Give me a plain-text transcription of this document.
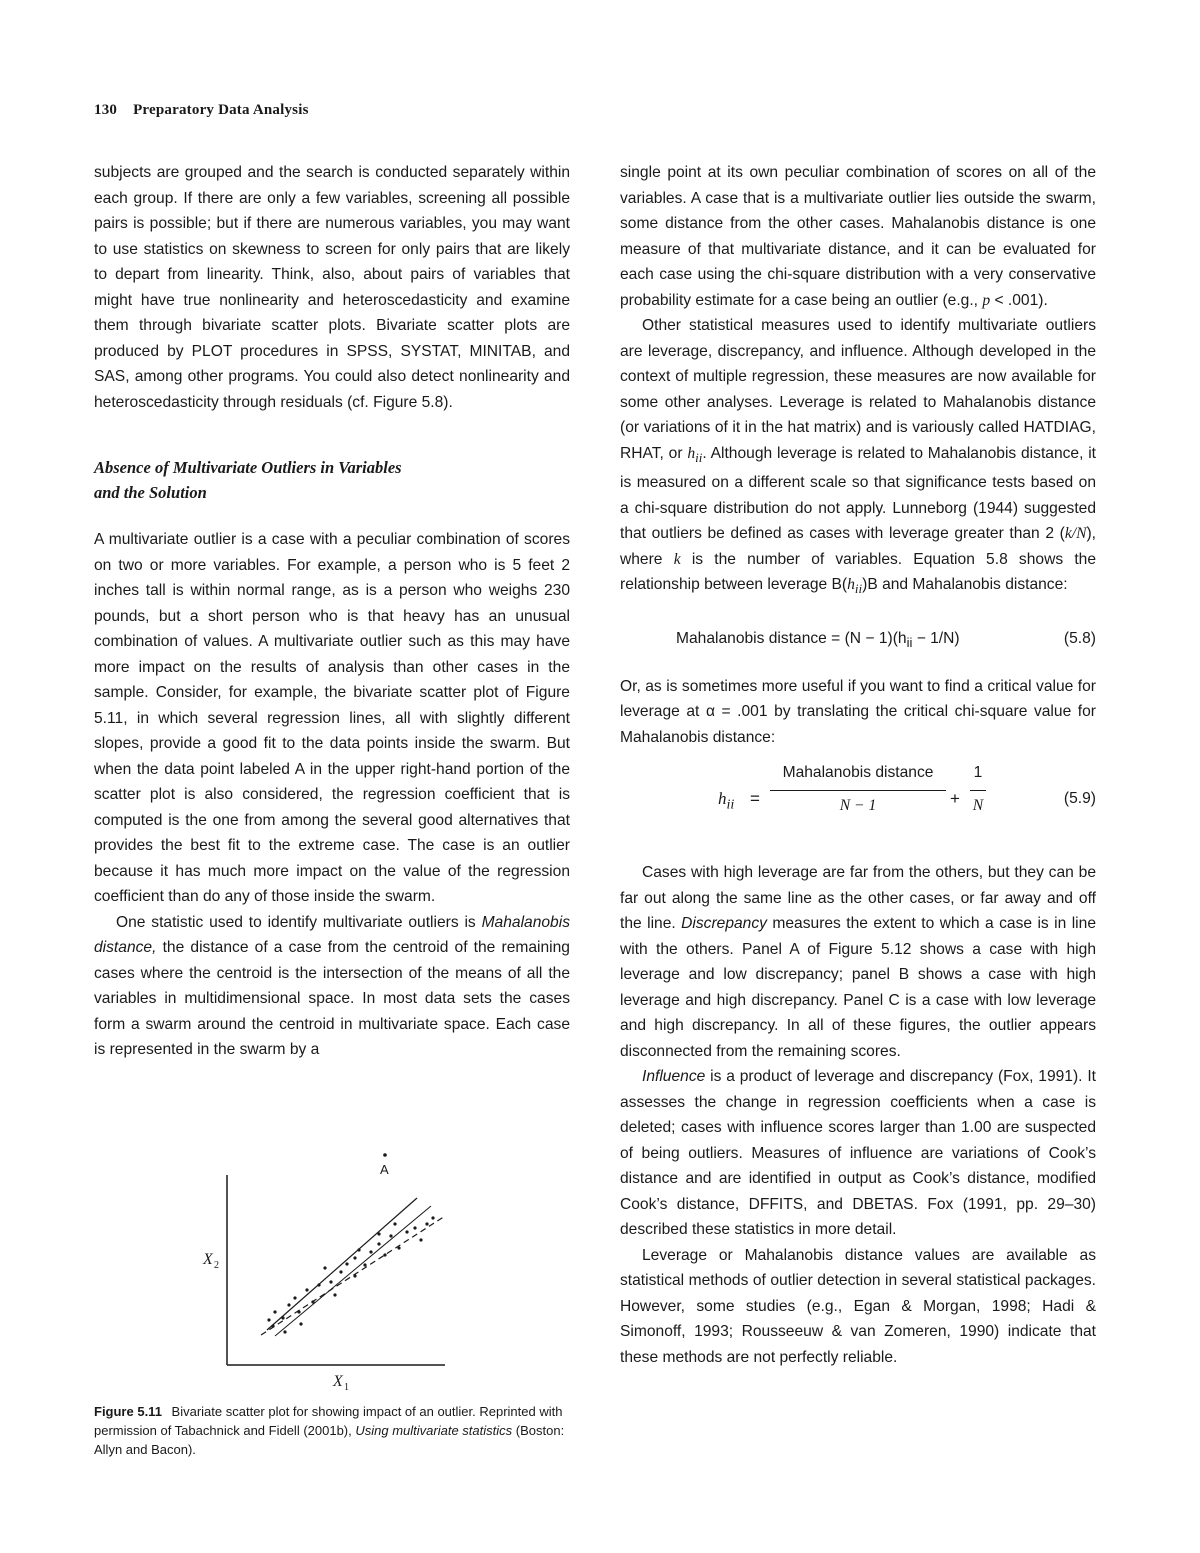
130 Preparatory Data Analysis

subjects are grouped and the search is conducted separately within each group. If there are only a few variables, screening all possible pairs is possible; but if there are numerous variables, you may want to use statistics on skewness to screen for only pairs that are likely to depart from linearity. Think, also, about pairs of variables that might have true nonlinearity and heteroscedasticity and examine them through bivariate scatter plots. Bivariate scatter plots are produced by PLOT procedures in SPSS, SYSTAT, MINITAB, and SAS, among other programs. You could also detect nonlinearity and heteroscedasticity through residuals (cf. Figure 5.8).

Absence of Multivariate Outliers in Variables
and the Solution

A multivariate outlier is a case with a peculiar combination of scores on two or more variables. For example, a person who is 5 feet 2 inches tall is within normal range, as is a person who weighs 230 pounds, but a short person who is that heavy has an unusual combination of values. A multivariate outlier such as this may have more impact on the results of analysis than other cases in the sample. Consider, for example, the bivariate scatter plot of Figure 5.11, in which several regression lines, all with slightly different slopes, provide a good fit to the data points inside the swarm. But when the data point labeled A in the upper right-hand portion of the scatter plot is also considered, the regression coefficient that is computed is the one from among the several good alternatives that provides the best fit to the extreme case. The case is an outlier because it has much more impact on the value of the regression coefficient than do any of those inside the swarm.

One statistic used to identify multivariate outliers is Mahalanobis distance, the distance of a case from the centroid of the remaining cases where the centroid is the intersection of the means of all the variables in multidimensional space. In most data sets the cases form a swarm around the centroid in multivariate space. Each case is represented in the swarm by a

single point at its own peculiar combination of scores on all of the variables. A case that is a multivariate outlier lies outside the swarm, some distance from the other cases. Mahalanobis distance is one measure of that multivariate distance, and it can be evaluated for each case using the chi-square distribution with a very conservative probability estimate for a case being an outlier (e.g., p < .001).

Other statistical measures used to identify multivariate outliers are leverage, discrepancy, and influence. Although developed in the context of multiple regression, these measures are now available for some other analyses. Leverage is related to Mahalanobis distance (or variations of it in the hat matrix) and is variously called HATDIAG, RHAT, or $h_{ii}$. Although leverage is related to Mahalanobis distance, it is measured on a different scale so that significance tests based on a chi-square distribution do not apply. Lunneborg (1944) suggested that outliers be defined as cases with leverage greater than 2 (k/N), where k is the number of variables. Equation 5.8 shows the relationship between leverage $B(h_{ii})B$ and Mahalanobis distance:

Mahalanobis distance = $(N - 1)(h_{ii} - 1/N)$	(5.8)

Or, as is sometimes more useful if you want to find a critical value for leverage at α = .001 by translating the critical chi-square value for Mahalanobis distance:

$h_{ii}$ =
Mahalanobis distance
N − 1	+ $\frac{1}{N}$	(5.9)

Cases with high leverage are far from the others, but they can be far out along the same line as the other cases, or far away and off the line. Discrepancy measures the extent to which a case is in line with the others. Panel A of Figure 5.12 shows a case with high leverage and low discrepancy; panel B shows a case with high leverage and high discrepancy. Panel C is a case with low leverage and high discrepancy. In all of these figures, the outlier appears disconnected from the remaining scores.

Influence is a product of leverage and discrepancy (Fox, 1991). It assesses the change in regression coefficients when a case is deleted; cases with influence scores larger than 1.00 are suspected of being outliers. Measures of influence are variations of Cook’s distance and are identified in output as Cook’s distance, modified Cook’s distance, DFFITS, and DBETAS. Fox (1991, pp. 29–30) described these statistics in more detail.

Leverage or Mahalanobis distance values are available as statistical methods of outlier detection in several statistical packages. However, some studies (e.g., Egan & Morgan, 1998; Hadi & Simonoff, 1993; Rousseeuw & van Zomeren, 1990) indicate that these methods are not perfectly reliable.

A
X 2
X 1
Figure 5.11 Bivariate scatter plot for showing impact of an outlier. Reprinted with permission of Tabachnick and Fidell (2001b), Using multivariate statistics (Boston: Allyn and Bacon).
